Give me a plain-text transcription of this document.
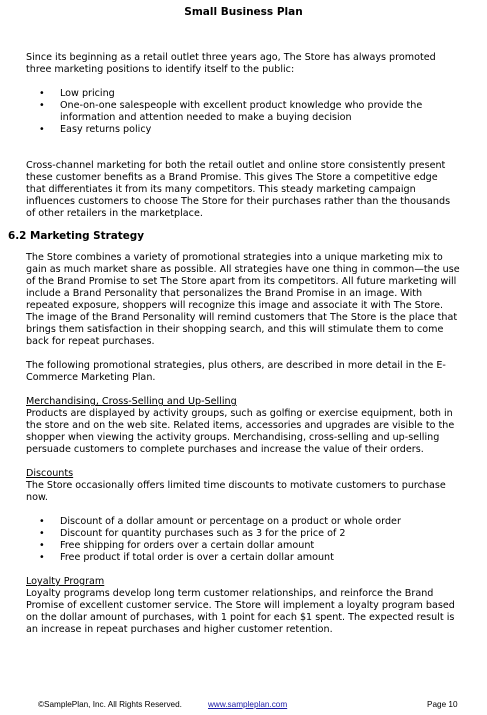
Small Business Plan

Since its beginning as a retail outlet three years ago, The Store has always promoted three marketing positions to identify itself to the public:

• Low pricing
• One-on-one salespeople with excellent product knowledge who provide the information and attention needed to make a buying decision
• Easy returns policy

Cross-channel marketing for both the retail outlet and online store consistently present these customer benefits as a Brand Promise. This gives The Store a competitive edge that differentiates it from its many competitors. This steady marketing campaign influences customers to choose The Store for their purchases rather than the thousands of other retailers in the marketplace.

6.2 Marketing Strategy

The Store combines a variety of promotional strategies into a unique marketing mix to gain as much market share as possible. All strategies have one thing in common—the use of the Brand Promise to set The Store apart from its competitors. All future marketing will include a Brand Personality that personalizes the Brand Promise in an image. With repeated exposure, shoppers will recognize this image and associate it with The Store. The image of the Brand Personality will remind customers that The Store is the place that brings them satisfaction in their shopping search, and this will stimulate them to come back for repeat purchases.

The following promotional strategies, plus others, are described in more detail in the E-Commerce Marketing Plan.

Merchandising, Cross-Selling and Up-Selling

Products are displayed by activity groups, such as golfing or exercise equipment, both in the store and on the web site. Related items, accessories and upgrades are visible to the shopper when viewing the activity groups. Merchandising, cross-selling and up-selling persuade customers to complete purchases and increase the value of their orders.

Discounts

The Store occasionally offers limited time discounts to motivate customers to purchase now.

• Discount of a dollar amount or percentage on a product or whole order
• Discount for quantity purchases such as 3 for the price of 2
• Free shipping for orders over a certain dollar amount
• Free product if total order is over a certain dollar amount

Loyalty Program

Loyalty programs develop long term customer relationships, and reinforce the Brand Promise of excellent customer service. The Store will implement a loyalty program based on the dollar amount of purchases, with 1 point for each $1 spent. The expected result is an increase in repeat purchases and higher customer retention.

©SamplePlan, Inc. All Rights Reserved.	www.sampleplan.com	Page 10
